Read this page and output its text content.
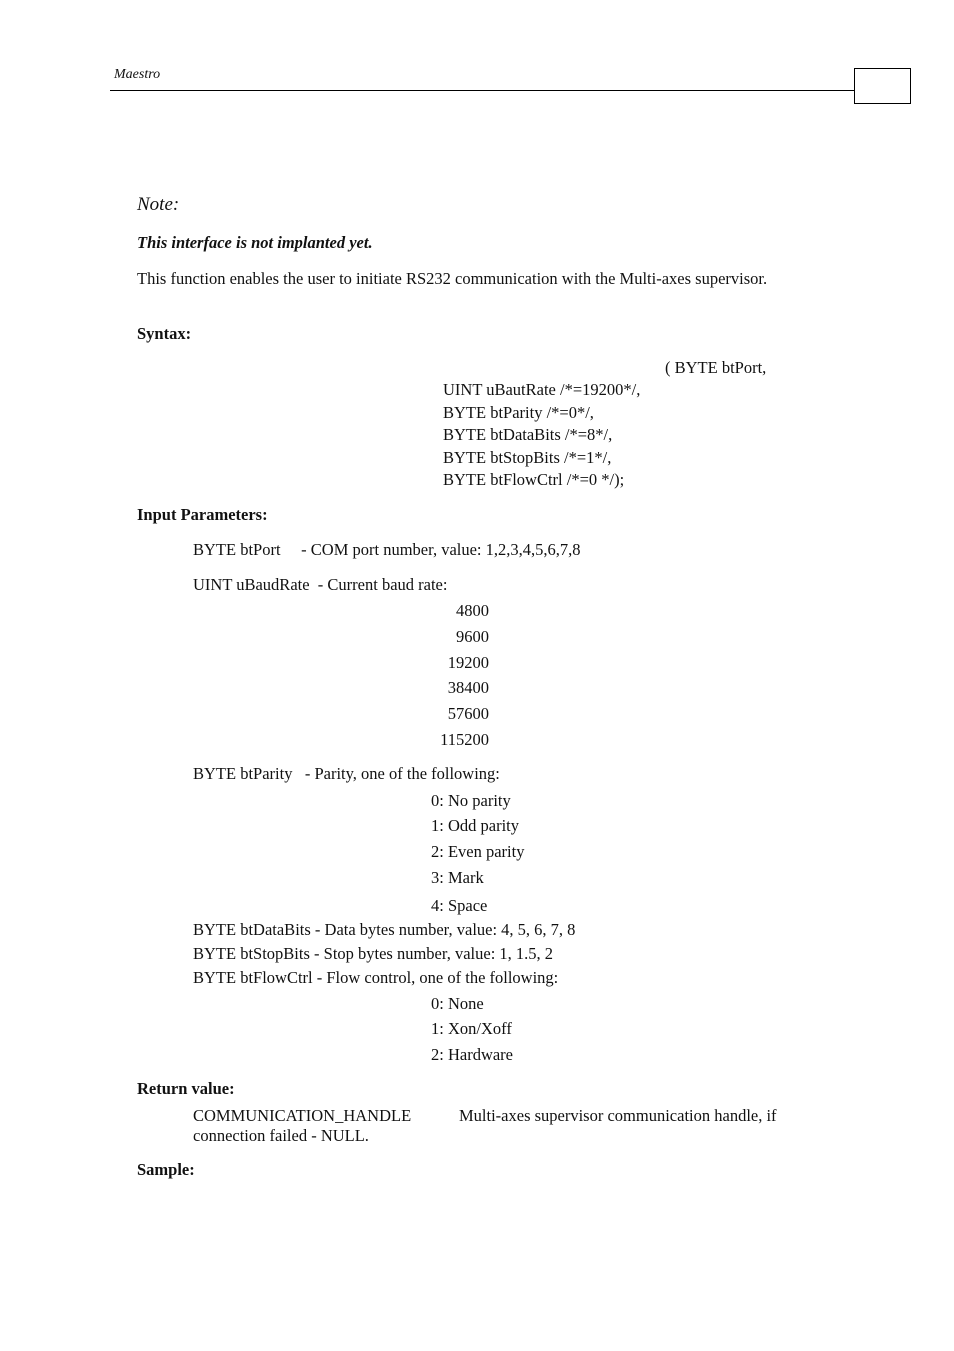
Maestro
Note:
This interface is not implanted yet.
This function enables the user to initiate RS232 communication with the Multi-axes supervisor.
Syntax:
( BYTE btPort,
UINT uBautRate /*=19200*/,
BYTE btParity /*=0*/,
BYTE btDataBits /*=8*/,
BYTE btStopBits /*=1*/,
BYTE btFlowCtrl /*=0 */);
Input Parameters:
BYTE btPort     - COM port number, value: 1,2,3,4,5,6,7,8
UINT uBaudRate  - Current baud rate:
4800
9600
19200
38400
57600
115200
BYTE btParity   - Parity, one of the following:
0: No parity
1: Odd parity
2: Even parity
3: Mark
4: Space
BYTE btDataBits - Data bytes number, value: 4, 5, 6, 7, 8
BYTE btStopBits - Stop bytes number, value: 1, 1.5, 2
BYTE btFlowCtrl - Flow control, one of the following:
0: None
1: Xon/Xoff
2: Hardware
Return value:
COMMUNICATION_HANDLE	Multi-axes supervisor communication handle, if
connection failed - NULL.
Sample:
